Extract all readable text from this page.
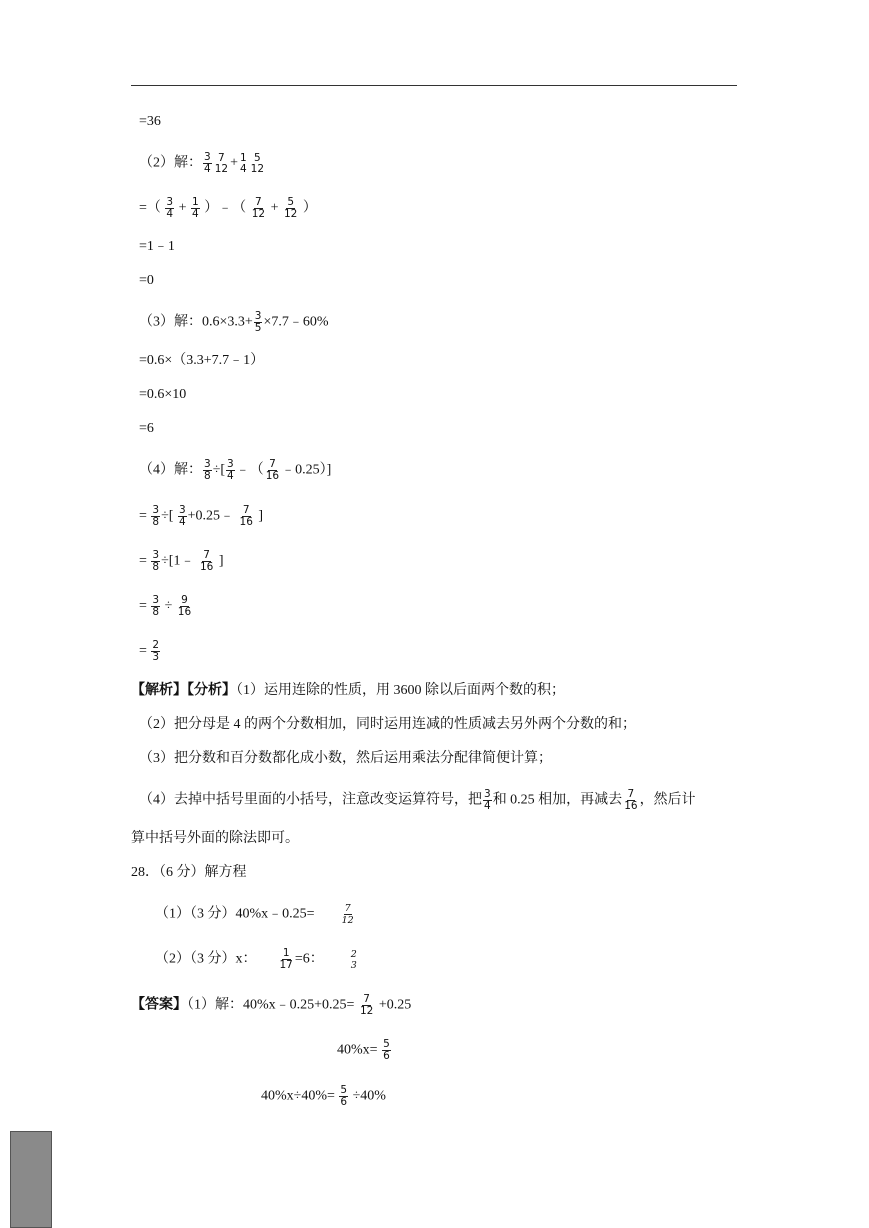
=36
（2）解： $\frac{3}{4} 7$
12 + 1
4
5
12
=（ $\frac{3}{4} + \frac{1}{4}$ ）﹣（ $\frac{7}{12} + \frac{5}{12}$ ）
=1﹣1
=0
（3）解：$0.6\times 3.3+ \frac{3}{5}$ ×7.7﹣60%
=0.6×（3.3+7.7﹣1）
=0.6×10
=6
（4）解： $\frac{3}{8}$ ÷[ $\frac{3}{4}$ ﹣（ $\frac{7}{16}$ ﹣0.25）]
= $\frac{3}{8}$ ÷[ $\frac{3}{4}$ +0.25﹣ $\frac{7}{16}$ ]
= $\frac{3}{8}$ ÷[1﹣ $\frac{7}{16}$ ]
= $\frac{3}{8} \div \frac{9}{16}$
= $\frac{2}{3}$
【解析】【分析】（1）运用连除的性质，用 3600 除以后面两个数的积；
（2）把分母是 4 的两个分数相加，同时运用连减的性质减去另外两个分数的和；
（3）把分数和百分数都化成小数，然后运用乘法分配律简便计算；
（4）去掉中括号里面的小括号，注意改变运算符号，把 $\frac{3}{4}$ 和 0.25 相加，再减去 $\frac{7}{16}$ ，然后计
算中括号外面的除法即可。
28．（6 分）解方程
（1）（3 分）40%x﹣0.25=	$\frac{7}{12}$
（2）（3 分）x： $\frac{1}{17} =6$：	2
3
【答案】（1）解：40%x﹣0.25+0.25= $\frac{7}{12} +0.25$
$40\%x= \frac{5}{6}$
$40\%x\div 40\%= \frac{5}{6} \div 40\%$
